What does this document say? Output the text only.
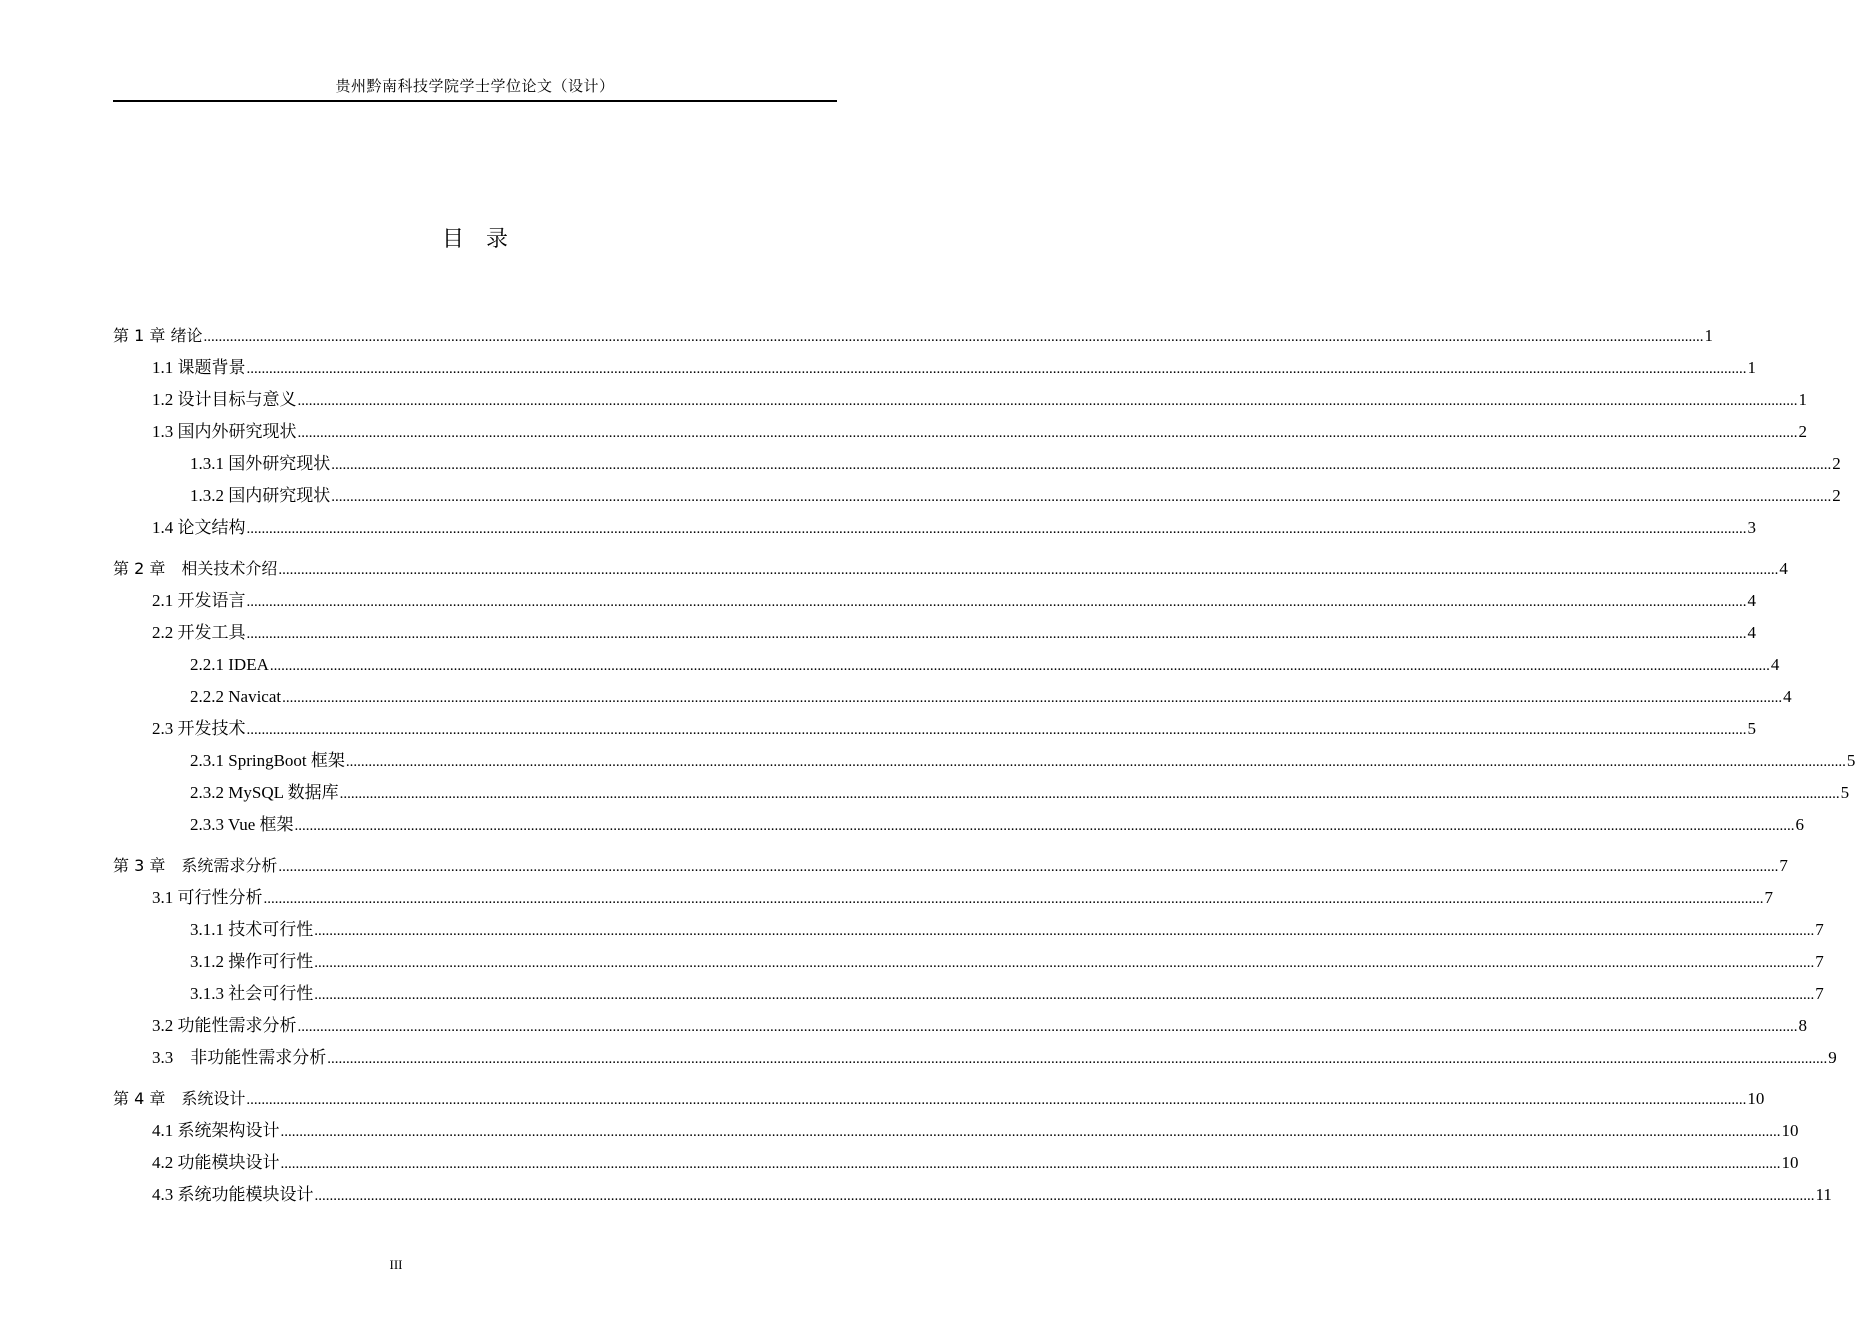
贵州黔南科技学院学士学位论文（设计）
目　录
第 1 章 绪论 ................................................................................................................................................................................................................................................................................................................................................................................................................ 1
1.1 课题背景 ................................................................................................................................................................................................................................................................................................................................................................................................................ 1
1.2 设计目标与意义 ................................................................................................................................................................................................................................................................................................................................................................................................................ 1
1.3 国内外研究现状 ................................................................................................................................................................................................................................................................................................................................................................................................................ 2
1.3.1 国外研究现状 ................................................................................................................................................................................................................................................................................................................................................................................................................ 2
1.3.2 国内研究现状 ................................................................................................................................................................................................................................................................................................................................................................................................................ 2
1.4 论文结构 ................................................................................................................................................................................................................................................................................................................................................................................................................ 3
第 2 章　相关技术介绍 ................................................................................................................................................................................................................................................................................................................................................................................................................ 4
2.1 开发语言 ................................................................................................................................................................................................................................................................................................................................................................................................................ 4
2.2 开发工具 ................................................................................................................................................................................................................................................................................................................................................................................................................ 4
2.2.1 IDEA ................................................................................................................................................................................................................................................................................................................................................................................................................ 4
2.2.2 Navicat ................................................................................................................................................................................................................................................................................................................................................................................................................ 4
2.3 开发技术 ................................................................................................................................................................................................................................................................................................................................................................................................................ 5
2.3.1 SpringBoot 框架 ................................................................................................................................................................................................................................................................................................................................................................................................................ 5
2.3.2 MySQL 数据库 ................................................................................................................................................................................................................................................................................................................................................................................................................ 5
2.3.3 Vue 框架 ................................................................................................................................................................................................................................................................................................................................................................................................................ 6
第 3 章　系统需求分析 ................................................................................................................................................................................................................................................................................................................................................................................................................ 7
3.1 可行性分析 ................................................................................................................................................................................................................................................................................................................................................................................................................ 7
3.1.1 技术可行性 ................................................................................................................................................................................................................................................................................................................................................................................................................ 7
3.1.2 操作可行性 ................................................................................................................................................................................................................................................................................................................................................................................................................ 7
3.1.3 社会可行性 ................................................................................................................................................................................................................................................................................................................................................................................................................ 7
3.2 功能性需求分析 ................................................................................................................................................................................................................................................................................................................................................................................................................ 8
3.3　非功能性需求分析 ................................................................................................................................................................................................................................................................................................................................................................................................................ 9
第 4 章　系统设计 ................................................................................................................................................................................................................................................................................................................................................................................................................ 10
4.1 系统架构设计 ................................................................................................................................................................................................................................................................................................................................................................................................................ 10
4.2 功能模块设计 ................................................................................................................................................................................................................................................................................................................................................................................................................ 10
4.3 系统功能模块设计 ................................................................................................................................................................................................................................................................................................................................................................................................................ 11
III
